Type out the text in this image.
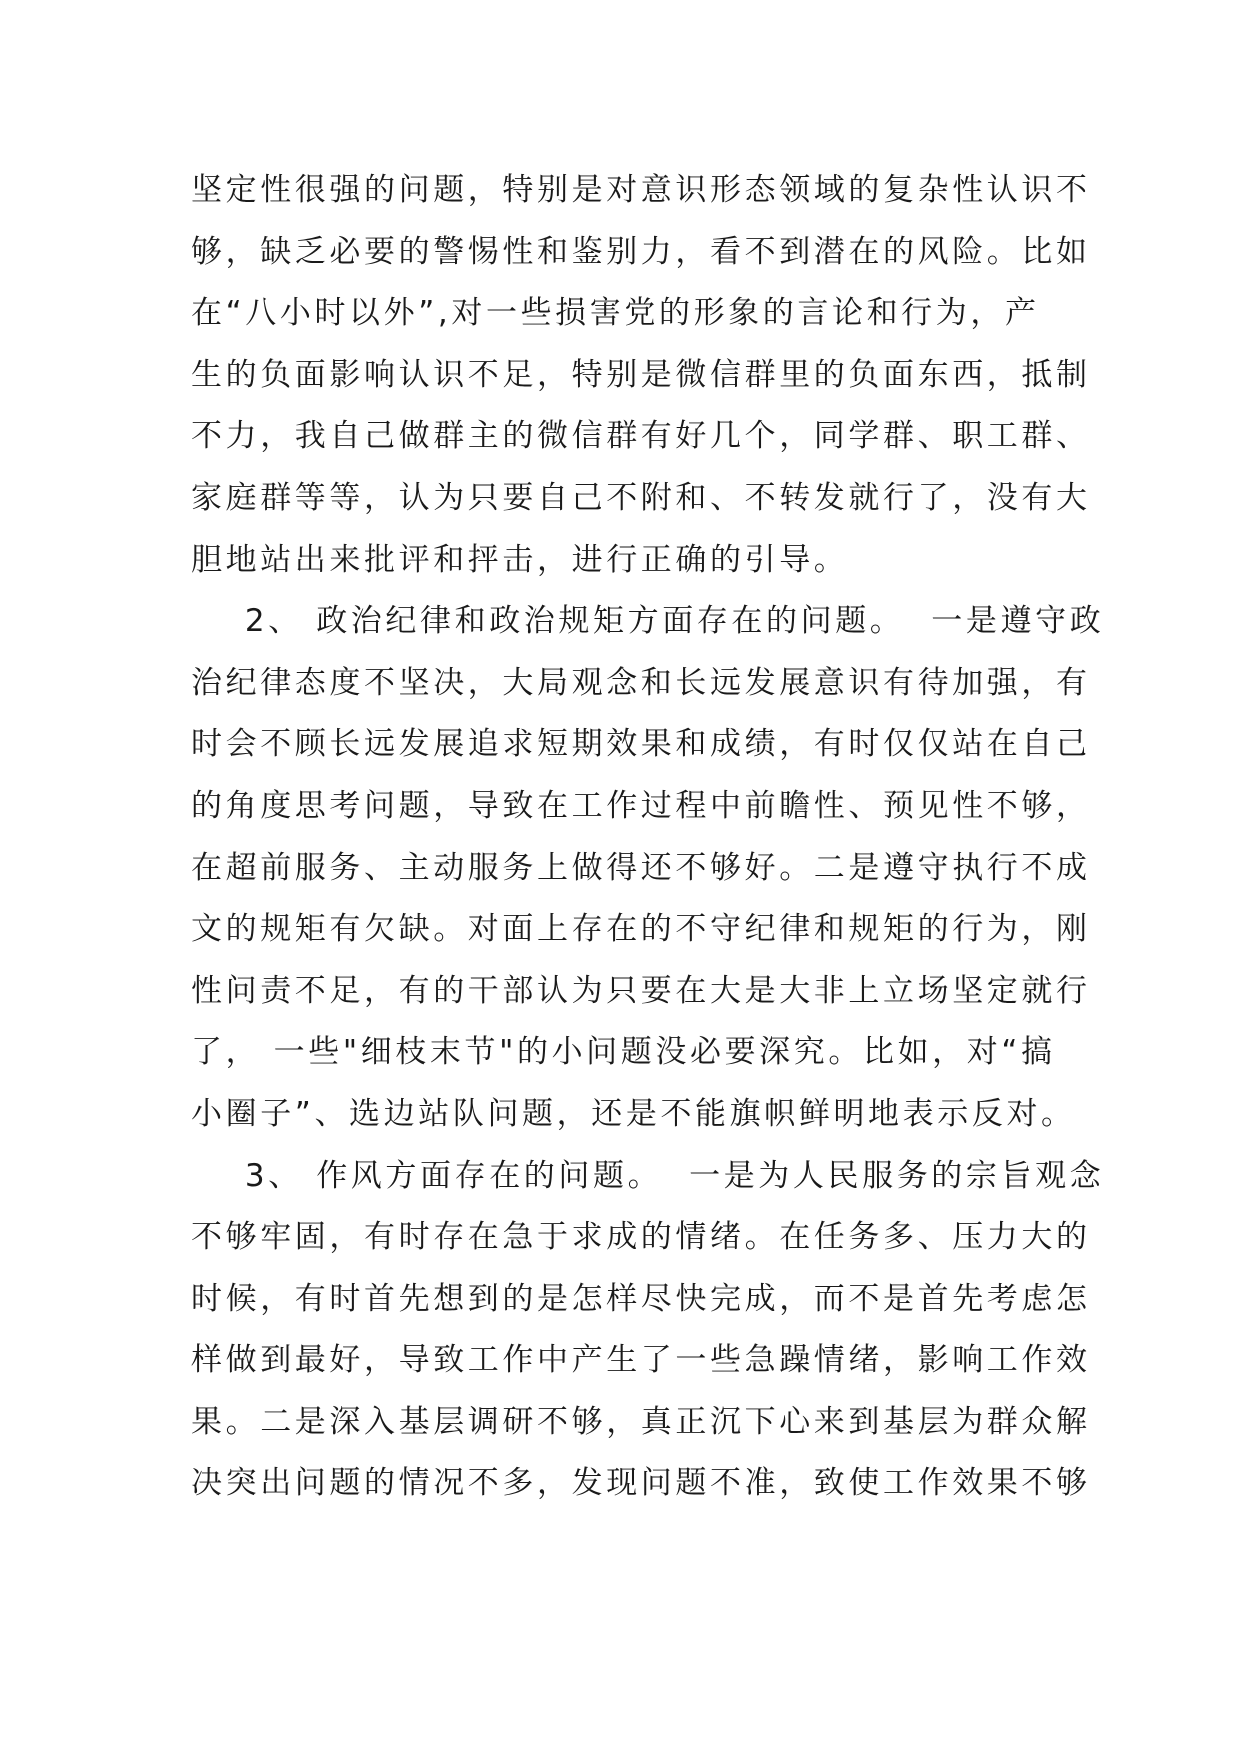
坚定性很强的问题，特别是对意识形态领域的复杂性认识不
够，缺乏必要的警惕性和鉴别力，看不到潜在的风险。比如
在“八小时以外”,对一些损害党的形象的言论和行为，产
生的负面影响认识不足，特别是微信群里的负面东西，抵制
不力，我自己做群主的微信群有好几个，同学群、职工群、
家庭群等等，认为只要自己不附和、不转发就行了，没有大
胆地站出来批评和抨击，进行正确的引导。
2、 政治纪律和政治规矩方面存在的问题。  一是遵守政
治纪律态度不坚决，大局观念和长远发展意识有待加强，有
时会不顾长远发展追求短期效果和成绩，有时仅仅站在自己
的角度思考问题，导致在工作过程中前瞻性、预见性不够，
在超前服务、主动服务上做得还不够好。二是遵守执行不成
文的规矩有欠缺。对面上存在的不守纪律和规矩的行为，刚
性问责不足，有的干部认为只要在大是大非上立场坚定就行
了， 一些"细枝末节"的小问题没必要深究。比如，对“搞
小圈子”、选边站队问题，还是不能旗帜鲜明地表示反对。
3、 作风方面存在的问题。  一是为人民服务的宗旨观念
不够牢固，有时存在急于求成的情绪。在任务多、压力大的
时候，有时首先想到的是怎样尽快完成，而不是首先考虑怎
样做到最好，导致工作中产生了一些急躁情绪，影响工作效
果。二是深入基层调研不够，真正沉下心来到基层为群众解
决突出问题的情况不多，发现问题不准，致使工作效果不够
